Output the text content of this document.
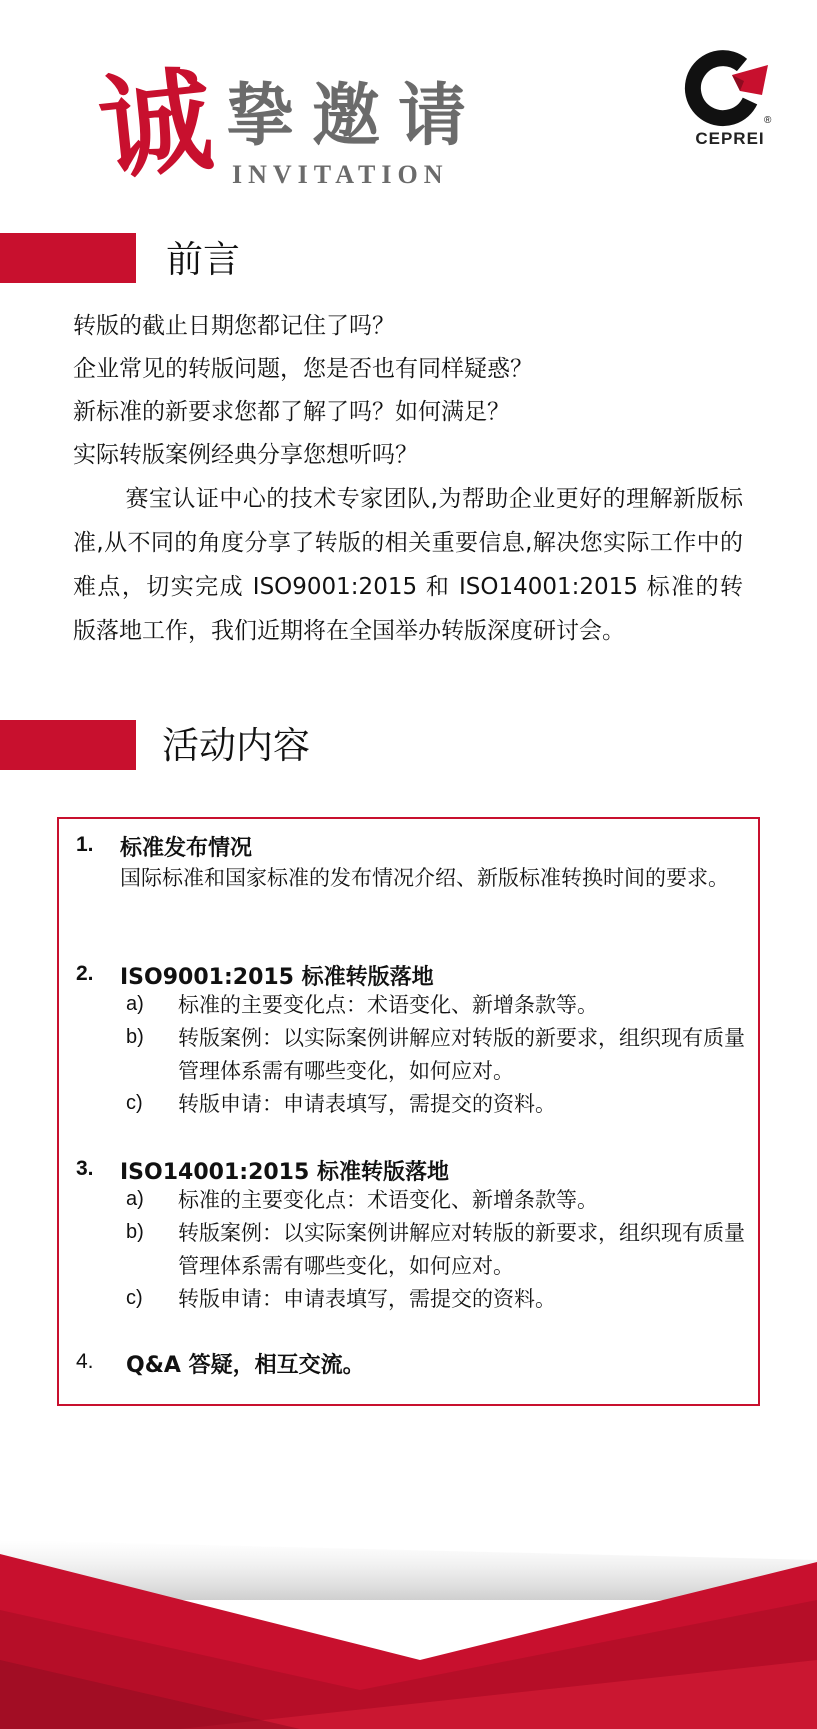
诚 挚邀请
INVITATION
®
CEPREI
前言
转版的截止日期您都记住了吗？
企业常见的转版问题，您是否也有同样疑惑？
新标准的新要求您都了解了吗？如何满足？
实际转版案例经典分享您想听吗？
赛宝认证中心的技术专家团队,为帮助企业更好的理解新版标准,从不同的角度分享了转版的相关重要信息,解决您实际工作中的难点，切实完成 ISO9001:2015 和 ISO14001:2015 标准的转版落地工作，我们近期将在全国举办转版深度研讨会。
活动内容
1. 标准发布情况
国际标准和国家标准的发布情况介绍、新版标准转换时间的要求。
2. ISO9001:2015 标准转版落地
a) 标准的主要变化点：术语变化、新增条款等。
b) 转版案例：以实际案例讲解应对转版的新要求，组织现有质量管理体系需有哪些变化，如何应对。
c) 转版申请：申请表填写，需提交的资料。
3. ISO14001:2015 标准转版落地
a) 标准的主要变化点：术语变化、新增条款等。
b) 转版案例：以实际案例讲解应对转版的新要求，组织现有质量管理体系需有哪些变化，如何应对。
c) 转版申请：申请表填写，需提交的资料。
4. Q&A 答疑，相互交流。
